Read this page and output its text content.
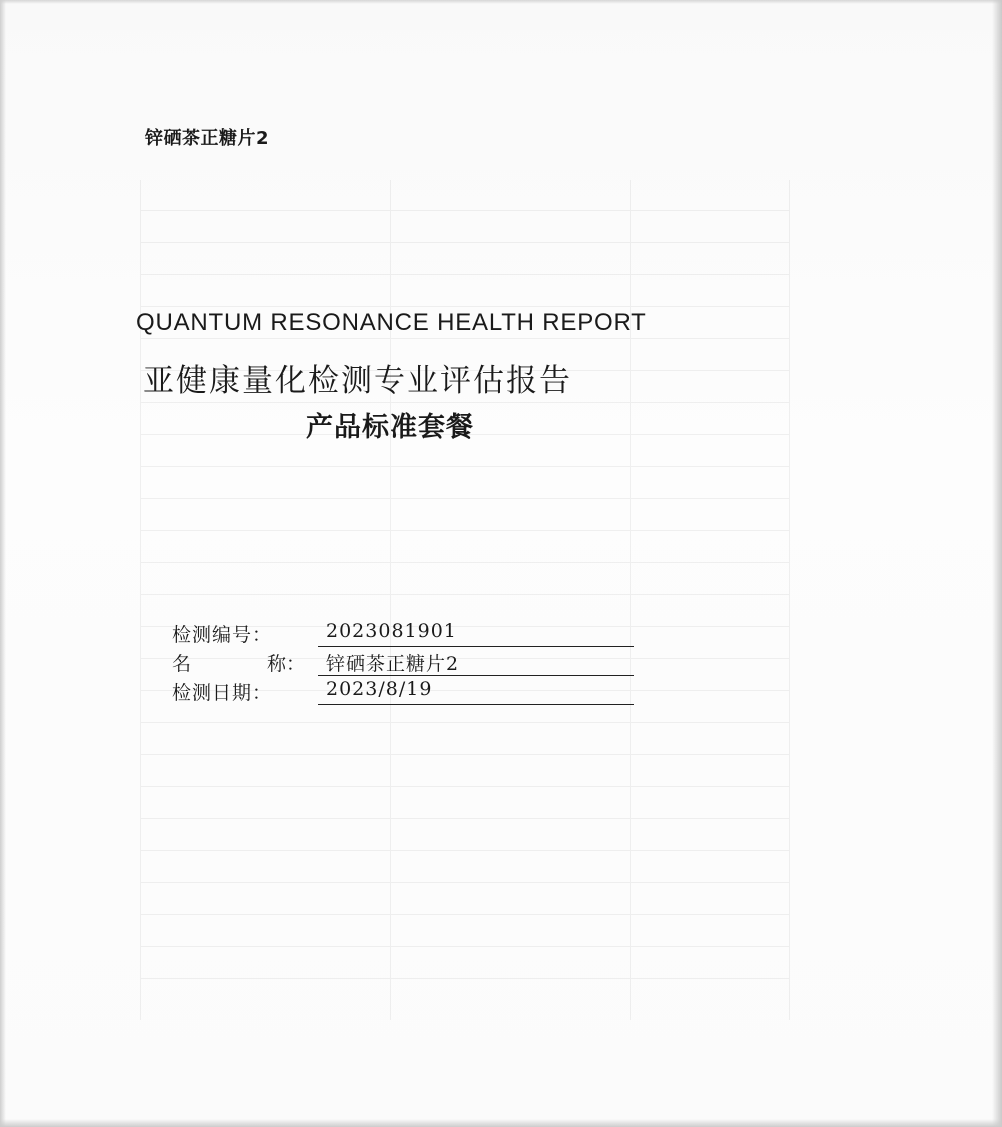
锌硒茶正糖片2
QUANTUM RESONANCE HEALTH REPORT
亚健康量化检测专业评估报告
产品标准套餐
检测编号：	2023081901
名	称： 锌硒茶正糖片2
检测日期：	2023/8/19
